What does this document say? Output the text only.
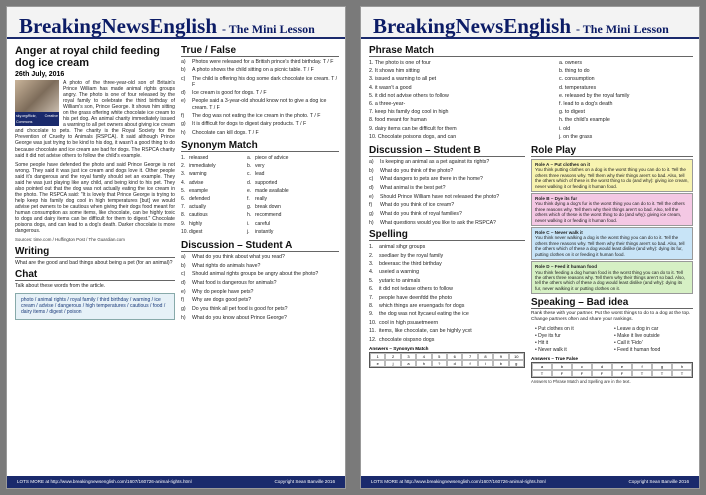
BreakingNewsEnglish - The Mini Lesson
Anger at royal child feeding dog ice cream
26th July, 2016
sky.org/flickr, Creative Commons

A photo of the three-year-old son of Britain's Prince William has made animal rights groups angry. The photo is one of four released by the royal family to celebrate the third birthday of William's son, Prince George. It shows him sitting on the grass offering white chocolate ice cream to his pet dog. An animal charity immediately issued a warning to all pet owners about giving ice cream and chocolate to pets. The charity is the Royal Society for the Prevention of Cruelty to Animals (RSPCA). It said although Prince George was just trying to be kind to his dog, it wasn't a good thing to do because chocolate and ice cream are bad for dogs. The RSPCA charity said it did not advise others to follow the child's example.

Some people have defended the photo and said Prince George is not wrong. They said it was just ice cream and dogs love it. Other people said it's dangerous and the royal family should set an example. They said he was just playing like any child, and being kind to his pet. They also pointed out that the dog was not actually eating the ice cream in the photo. The RSPCA said: "It is lovely that Prince George is trying to help keep his family dog cool in high temperatures [but] we would advise pet owners to be cautious when giving their dogs food meant for human consumption as some items, like chocolate, can be highly toxic to dogs and dairy items can be difficult for them to digest." Chocolate poisons dogs, and can lead to a dog's death. Darker chocolate is more dangerous.

Sources: time.com / Huffington Post / The Guardian.com
Writing
What are the good and bad things about being a pet (for an animal)?
Chat
Talk about these words from the article.
photo / animal rights / royal family / third birthday / warning / ice cream / advise / dangerous / high temperatures / cautious / food / dairy items / digest / poison
True / False
a)	Photos were released for a British prince's third birthday. T / F
b)	A photo shows the child sitting on a picnic table. T / F
c)	The child is offering his dog some dark chocolate ice cream. T / F
d)	Ice cream is good for dogs. T / F
e)	People said a 3-year-old should know not to give a dog ice cream. T / F
f)	The dog was not eating the ice cream in the photo. T / F
g)	It is difficult for dogs to digest dairy products. T / F
h)	Chocolate can kill dogs. T / F
Synonym Match
1. released	a. piece of advice
2. immediately	b. very
3. warning	c. lead
4. advise	d. supported
5. example	e. made available
6. defended	f.	really
7. actually	g. break down
8. cautious	h. recommend
9. highly	i.	careful
10. digest	j.	instantly
Discussion – Student A
a)	What do you think about what you read?
b)	What rights do animals have?
c)	Should animal rights groups be angry about the photo?
d)	What food is dangerous for animals?
e)	Why do people have pets?
f)	Why are dogs good pets?
g)	Do you think all pet food is good for pets?
h)	What do you know about Prince George?
LOTS MORE at http://www.breakingnewsenglish.com/1607/160726-animal-rights.html	Copyright Sean Banville 2016
BreakingNewsEnglish - The Mini Lesson
Phrase Match
1. The photo is one of four	a. owners
2. It shows him sitting	b. thing to do
3. issued a warning to all pet	c. consumption
4. it wasn't a good	d. temperatures
5. it did not advise others to follow	e. released by the royal family
6. a three-year-	f. lead to a dog's death
7. keep his family dog cool in high	g. to digest
8. food meant for human	h. the child's example
9. dairy items can be difficult for them	i. old
10. Chocolate poisons dogs, and can	j. on the grass
Discussion – Student B
a)	Is keeping an animal as a pet against its rights?
b)	What do you think of the photo?
c)	What dangers to pets are there in the home?
d)	What animal is the best pet?
e)	Should Prince William have not released the photo?
f)	What do you think of ice cream?
g)	What do you think of royal families?
h)	What questions would you like to ask the RSPCA?
Spelling
1.	animal sihgr groups
2.	ssedlaer by the royal family
3.	bdeerasc the third birthday
4.	useied a warning
5.	yutaric to animals
6.	it did not ivdase others to follow
7.	people have deenfdd the photo
8.	which things are eruengads for dogs
9.	the dog was not ltycaeul eating the ice
10. cool in high psuaetmeern
11. items, like chocolate, can be highly ycxt
12. chocolate oispsno dogs
Answers – Synonym Match
1	2	3	4	5	6	7	8	9	10
e	j	a	h	?	d	f	i	b	g
Role Play
Role A – Put clothes on it
You think putting clothes on a dog is the worst thing you can do to it. Tell the others three reasons why. Tell them why their things aren't so bad. Also, tell the others which of these is the worst thing to do (and why): giving ice cream, never walking it or feeding it human food.
Role B – Dye its fur
You think dying a dog's fur is the worst thing you can do to it. Tell the others three reasons why. Tell them why their things aren't so bad. Also, tell the others which of these is the worst thing to do (and why): giving ice cream, never walking it or feeding it human food.
Role C – Never walk it
You think never walking a dog is the worst thing you can do to it. Tell the others three reasons why. Tell them why their things aren't so bad. Also, tell the others which of these a dog would least dislike (and why): dying its fur, putting clothes on it or feeding it human food.
Role D – Feed it human food
You think feeding a dog human food is the worst thing you can do to it. Tell the others three reasons why. Tell them why their things aren't so bad. Also, tell the others which of these a dog would least dislike (and why): dying its fur, never walking it or putting clothes on it.
Speaking – Bad idea
Rank these with your partner. Put the worst things to do to a dog at the top. Change partners often and share your rankings.
• Put clothes on it	• Leave a dog in car
• Dye its fur	• Make it live outside
• Hit it	• Call it 'Fido'
• Never walk it	• Feed it human food
Answers – True False
a	b	c	d	e	f	g	h
T	F	F	F	F	T	T	T
Answers to Phrase Match and Spelling are in the text.
LOTS MORE at http://www.breakingnewsenglish.com/1607/160726-animal-rights.html	Copyright Sean Banville 2016
